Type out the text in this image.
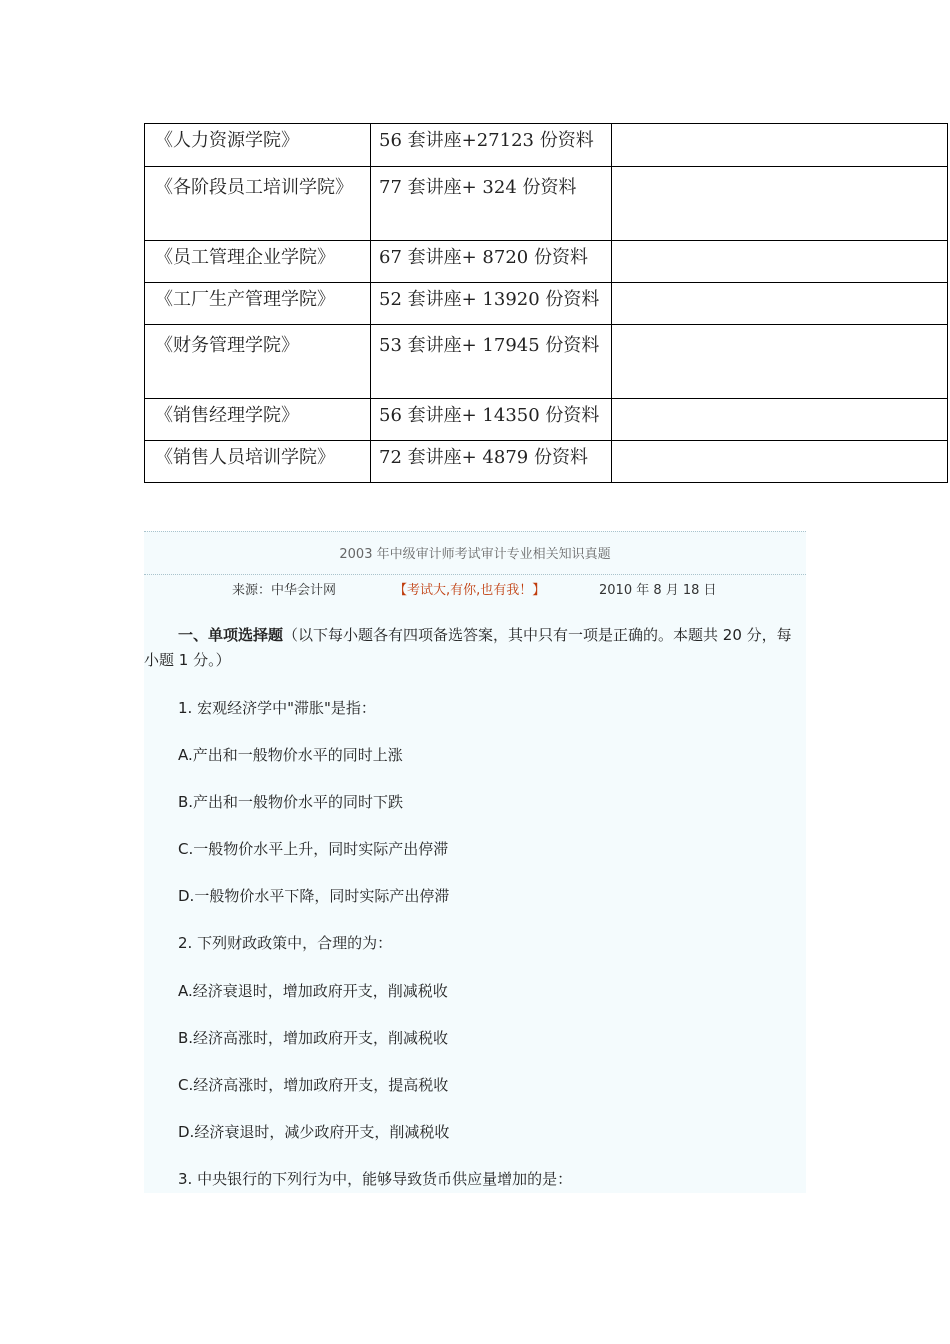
《人力资源学院》	56 套讲座+27123 份资料	
《各阶段员工培训学院》	77 套讲座+ 324 份资料	
《员工管理企业学院》	67 套讲座+ 8720 份资料	
《工厂生产管理学院》	52 套讲座+ 13920 份资料	
《财务管理学院》	53 套讲座+ 17945 份资料	
《销售经理学院》	56 套讲座+ 14350 份资料	
《销售人员培训学院》	72 套讲座+ 4879 份资料	
2003 年中级审计师考试审计专业相关知识真题
来源：中华会计网	【考试大,有你,也有我！】	2010 年 8 月 18 日
一、单项选择题（以下每小题各有四项备选答案，其中只有一项是正确的。本题共 20 分，每小题 1 分。）
1. 宏观经济学中"滞胀"是指：
A.产出和一般物价水平的同时上涨
B.产出和一般物价水平的同时下跌
C.一般物价水平上升，同时实际产出停滞
D.一般物价水平下降，同时实际产出停滞
2. 下列财政政策中，合理的为：
A.经济衰退时，增加政府开支，削减税收
B.经济高涨时，增加政府开支，削减税收
C.经济高涨时，增加政府开支，提高税收
D.经济衰退时，减少政府开支，削减税收
3. 中央银行的下列行为中，能够导致货币供应量增加的是：
